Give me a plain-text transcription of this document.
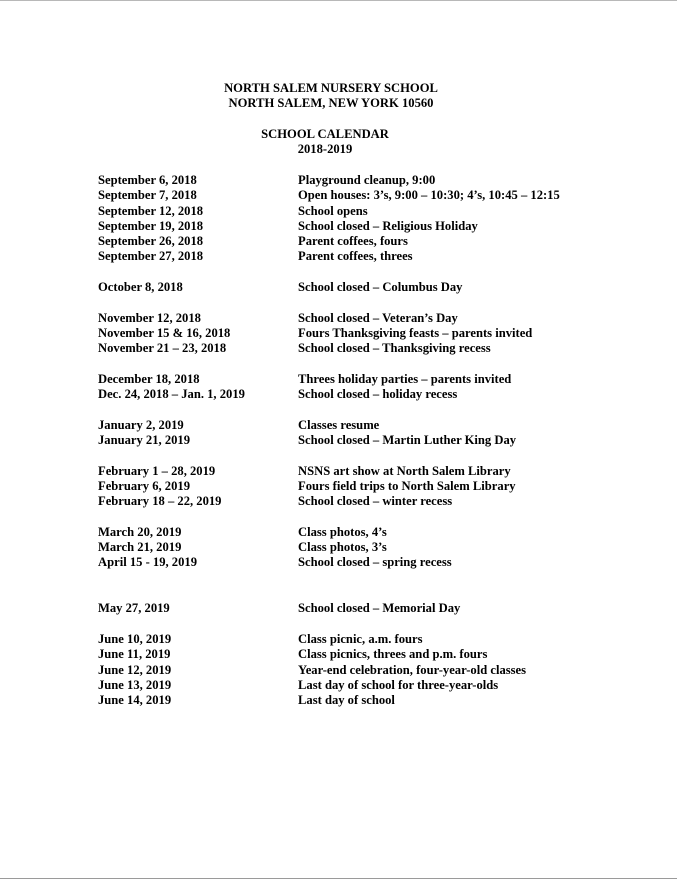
NORTH SALEM NURSERY SCHOOL
NORTH SALEM, NEW YORK 10560
SCHOOL CALENDAR
2018-2019
September 6, 2018	Playground cleanup, 9:00
September 7, 2018	Open houses: 3’s, 9:00 – 10:30; 4’s, 10:45 – 12:15
September 12, 2018	School opens
September 19, 2018	School closed – Religious Holiday
September 26, 2018	Parent coffees, fours
September 27, 2018	Parent coffees, threes
October 8, 2018	School closed – Columbus Day
November 12, 2018	School closed – Veteran’s Day
November 15 & 16, 2018	Fours Thanksgiving feasts – parents invited
November 21 – 23, 2018	School closed – Thanksgiving recess
December 18, 2018	Threes holiday parties – parents invited
Dec. 24, 2018 – Jan. 1, 2019	School closed – holiday recess
January 2, 2019	Classes resume
January 21, 2019	School closed – Martin Luther King Day
February 1 – 28, 2019	NSNS art show at North Salem Library
February 6, 2019	Fours field trips to North Salem Library
February 18 – 22, 2019	School closed – winter recess
March 20, 2019	Class photos, 4’s
March 21, 2019	Class photos, 3’s
April 15 - 19, 2019	School closed – spring recess
May 27, 2019	School closed – Memorial Day
June 10, 2019	Class picnic, a.m. fours
June 11, 2019	Class picnics, threes and p.m. fours
June 12, 2019	Year-end celebration, four-year-old classes
June 13, 2019	Last day of school for three-year-olds
June 14, 2019	Last day of school
